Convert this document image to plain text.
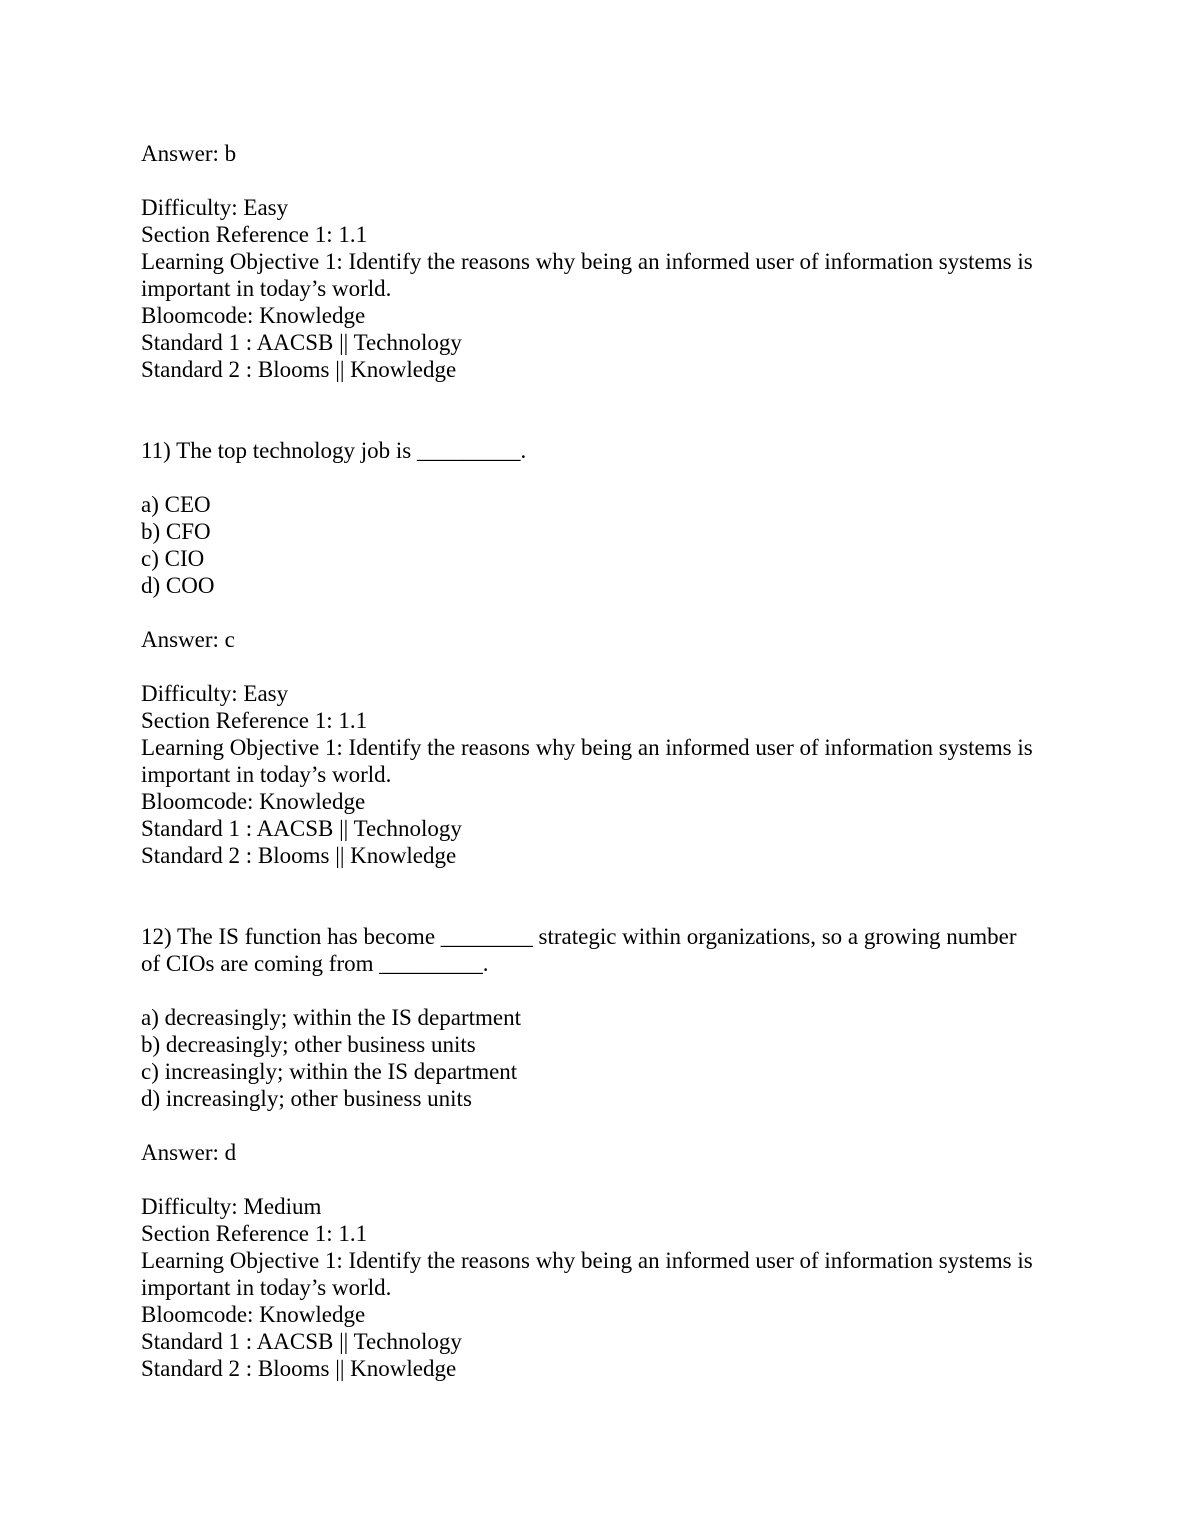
Answer: b
Difficulty: Easy
Section Reference 1: 1.1
Learning Objective 1: Identify the reasons why being an informed user of information systems is
important in today’s world.
Bloomcode: Knowledge
Standard 1 : AACSB || Technology
Standard 2 : Blooms || Knowledge
11) The top technology job is _________.
a) CEO
b) CFO
c) CIO
d) COO
Answer: c
Difficulty: Easy
Section Reference 1: 1.1
Learning Objective 1: Identify the reasons why being an informed user of information systems is
important in today’s world.
Bloomcode: Knowledge
Standard 1 : AACSB || Technology
Standard 2 : Blooms || Knowledge
12) The IS function has become ________ strategic within organizations, so a growing number
of CIOs are coming from _________.
a) decreasingly; within the IS department
b) decreasingly; other business units
c) increasingly; within the IS department
d) increasingly; other business units
Answer: d
Difficulty: Medium
Section Reference 1: 1.1
Learning Objective 1: Identify the reasons why being an informed user of information systems is
important in today’s world.
Bloomcode: Knowledge
Standard 1 : AACSB || Technology
Standard 2 : Blooms || Knowledge
